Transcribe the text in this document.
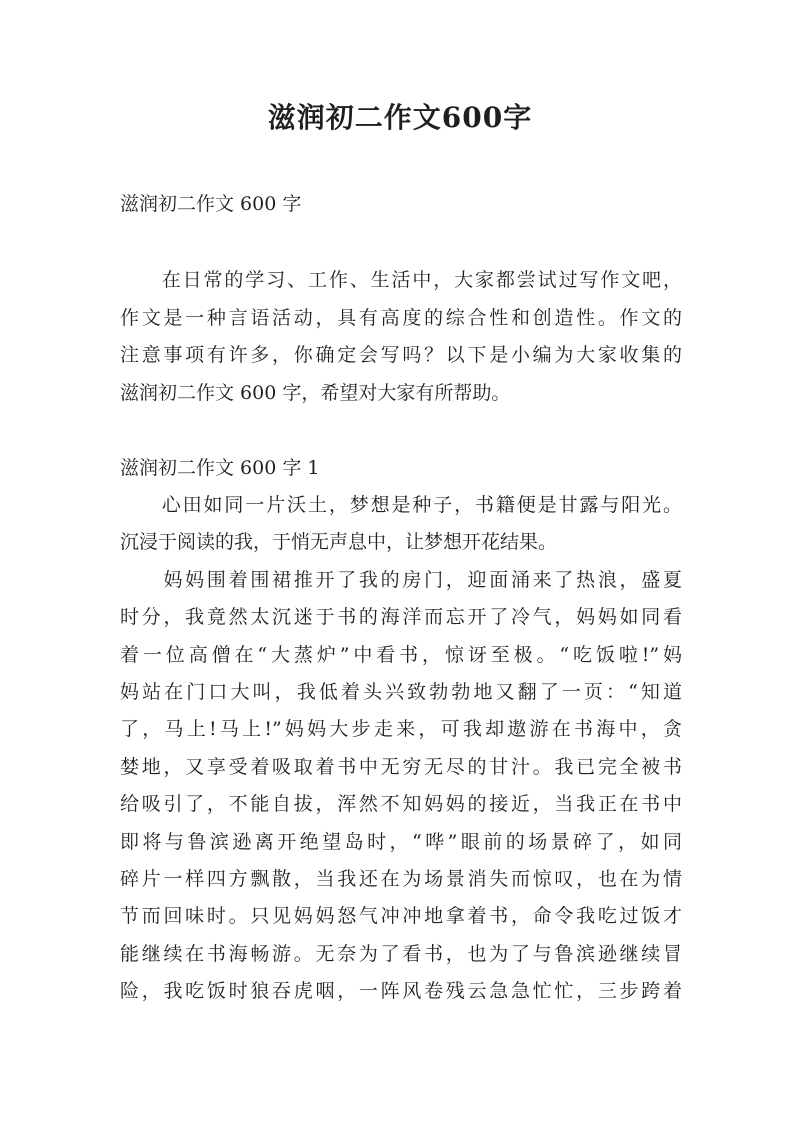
滋润初二作文600字
滋润初二作文 600 字
　　在日常的学习、工作、生活中，大家都尝试过写作文吧，
作文是一种言语活动，具有高度的综合性和创造性。作文的
注意事项有许多，你确定会写吗？以下是小编为大家收集的
滋润初二作文 600 字，希望对大家有所帮助。
滋润初二作文 600 字 1
　　心田如同一片沃土，梦想是种子，书籍便是甘露与阳光。
沉浸于阅读的我，于悄无声息中，让梦想开花结果。
　　妈妈围着围裙推开了我的房门，迎面涌来了热浪，盛夏
时分，我竟然太沉迷于书的海洋而忘开了冷气，妈妈如同看
着一位高僧在“大蒸炉”中看书，惊讶至极。“吃饭啦!”妈
妈站在门口大叫，我低着头兴致勃勃地又翻了一页：“知道
了，马上!马上!”妈妈大步走来，可我却遨游在书海中，贪
婪地，又享受着吸取着书中无穷无尽的甘汁。我已完全被书
给吸引了，不能自拔，浑然不知妈妈的接近，当我正在书中
即将与鲁滨逊离开绝望岛时，“哗”眼前的场景碎了，如同
碎片一样四方飘散，当我还在为场景消失而惊叹，也在为情
节而回味时。只见妈妈怒气冲冲地拿着书，命令我吃过饭才
能继续在书海畅游。无奈为了看书，也为了与鲁滨逊继续冒
险，我吃饭时狼吞虎咽，一阵风卷残云急急忙忙，三步跨着
